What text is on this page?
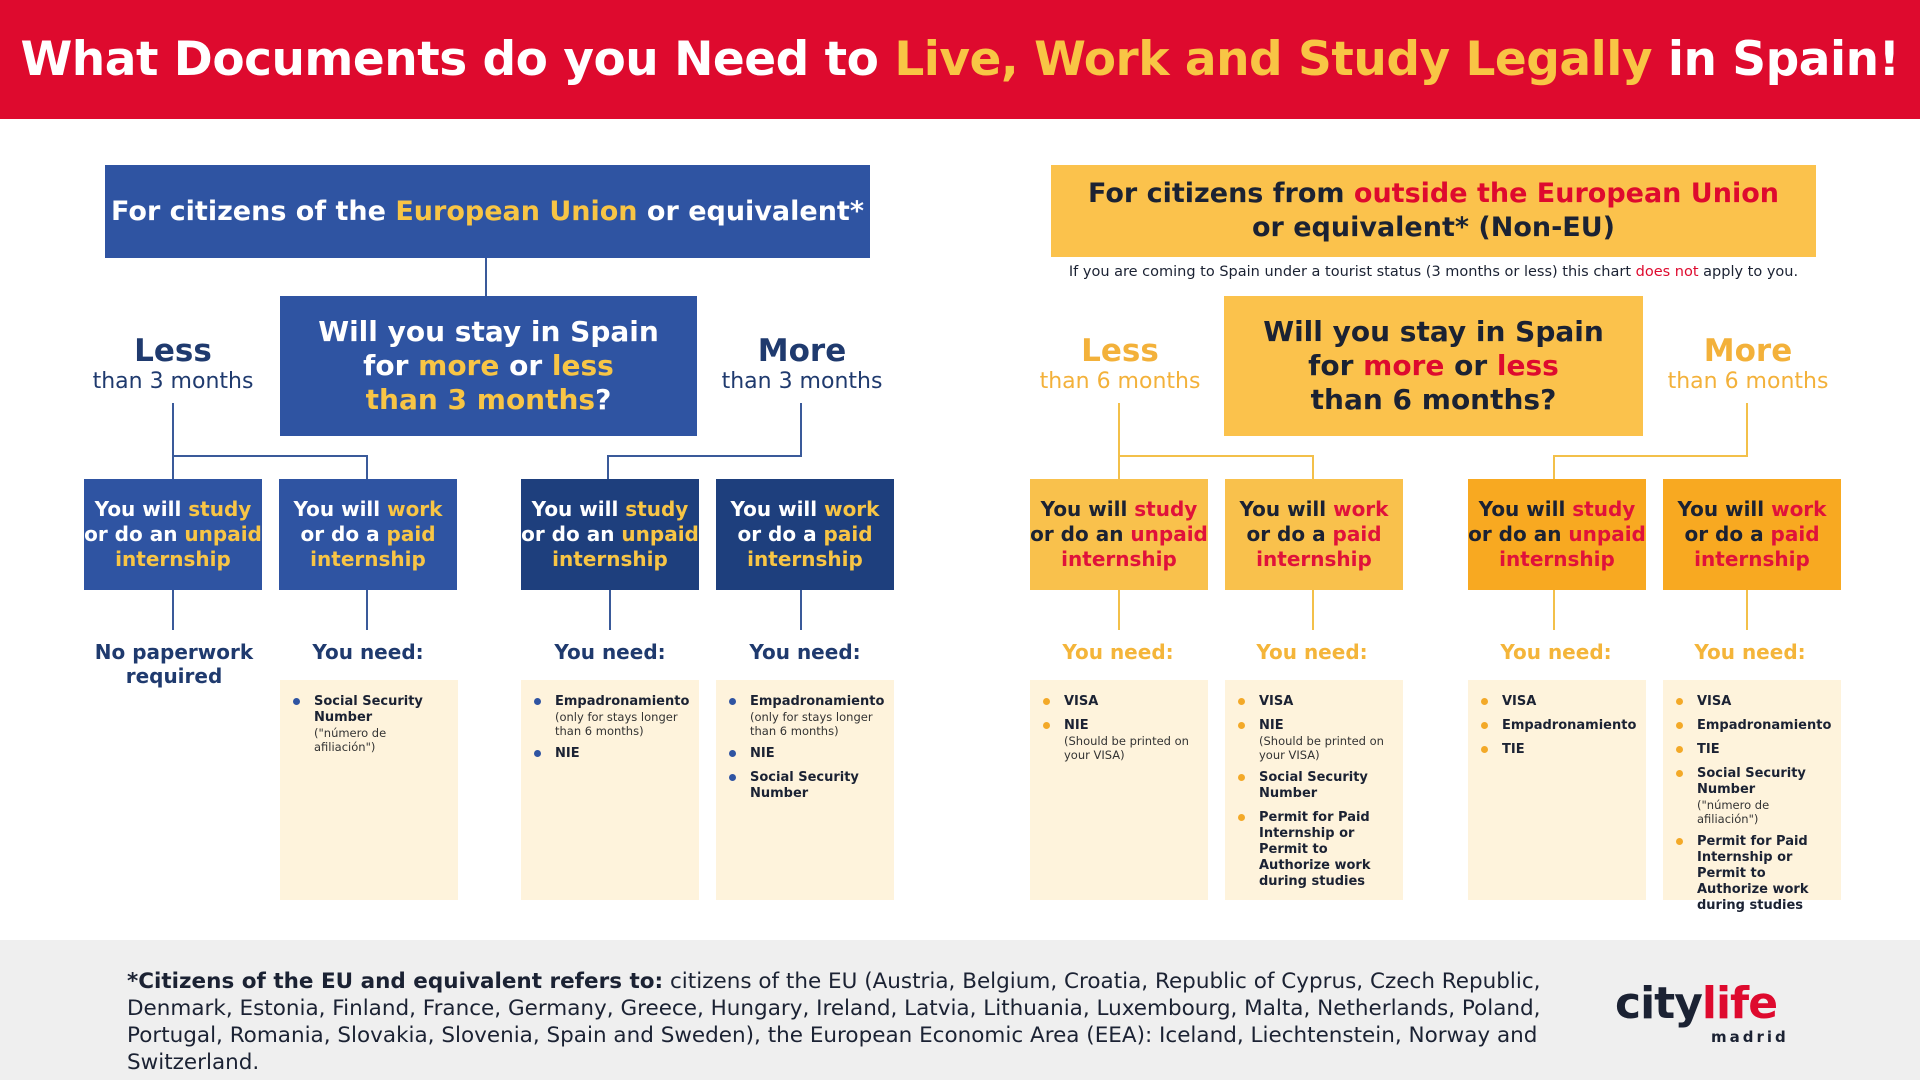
What Documents do you Need to Live, Work and Study Legally in Spain!
For citizens of the European Union or equivalent*
Will you stay in Spain
for more or less
than 3 months?
Less
than 3 months
More
than 3 months
You will study
or do an unpaid
internship
You will work
or do a paid
internship
You will study
or do an unpaid
internship
You will work
or do a paid
internship
No paperwork required
You need:	You need:	You need:
Social Security Number
("número de afiliación")
Empadronamiento
(only for stays longer than 6 months)
NIE
Empadronamiento
(only for stays longer than 6 months)
NIE
Social Security Number
For citizens from outside the European Union
or equivalent* (Non-EU)
If you are coming to Spain under a tourist status (3 months or less) this chart does not apply to you.
Will you stay in Spain
for more or less
than 6 months?
Less
than 6 months
More
than 6 months
You will study
or do an unpaid
internship
You will work
or do a paid
internship
You will study
or do an unpaid
internship
You will work
or do a paid
internship
You need:	You need:	You need:	You need:
VISA
NIE
(Should be printed on your VISA)
VISA
NIE
(Should be printed on your VISA)
Social Security Number
Permit for Paid Internship or Permit to Authorize work during studies
VISA
Empadronamiento
TIE
VISA
Empadronamiento
TIE
Social Security Number
("número de afiliación")
Permit for Paid Internship or Permit to Authorize work during studies
*Citizens of the EU and equivalent refers to: citizens of the EU (Austria, Belgium, Croatia, Republic of Cyprus, Czech Republic, Denmark, Estonia, Finland, France, Germany, Greece, Hungary, Ireland, Latvia, Lithuania, Luxembourg, Malta, Netherlands, Poland, Portugal, Romania, Slovakia, Slovenia, Spain and Sweden), the European Economic Area (EEA): Iceland, Liechtenstein, Norway and Switzerland.
citylife
madrid
